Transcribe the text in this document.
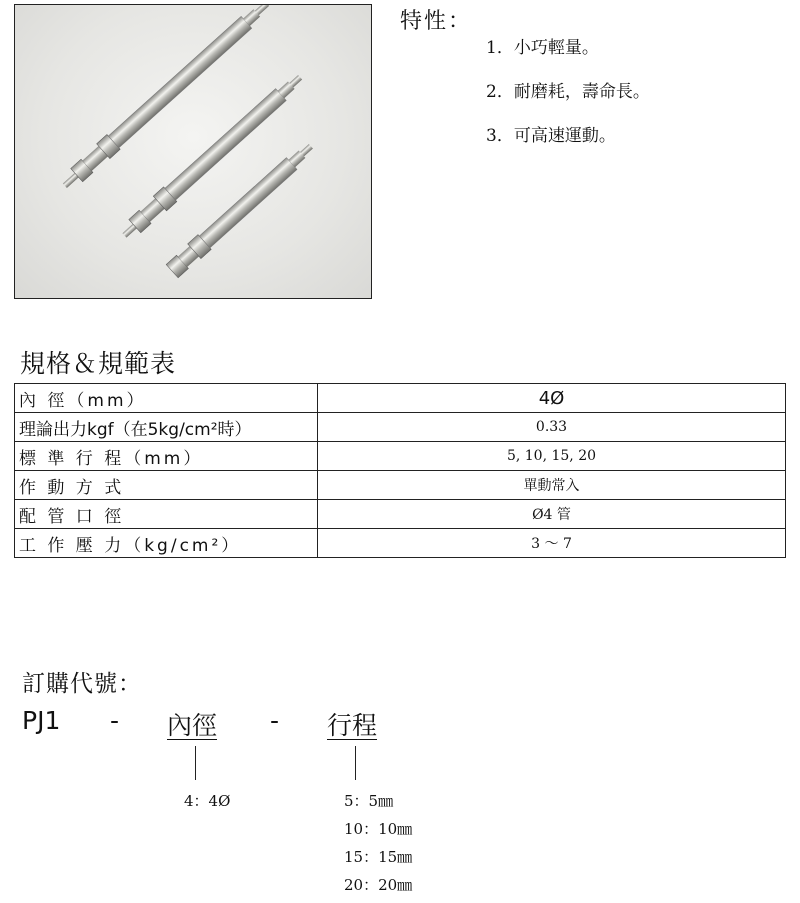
特性：
1．小巧輕量。
2．耐磨耗，壽命長。
3．可高速運動。
規格＆規範表
內 徑（mm）	4Ø
理論出力kgf（在5kg/cm²時）	0.33
標 準 行 程（mm）	5, 10, 15, 20
作 動 方 式	單動常入
配 管 口 徑	Ø4 管
工 作 壓 力（kg/cm²）	3 ～ 7
訂購代號：
PJ1 - 內徑 - 行程
4：4Ø	5：5㎜
10：10㎜
15：15㎜
20：20㎜
